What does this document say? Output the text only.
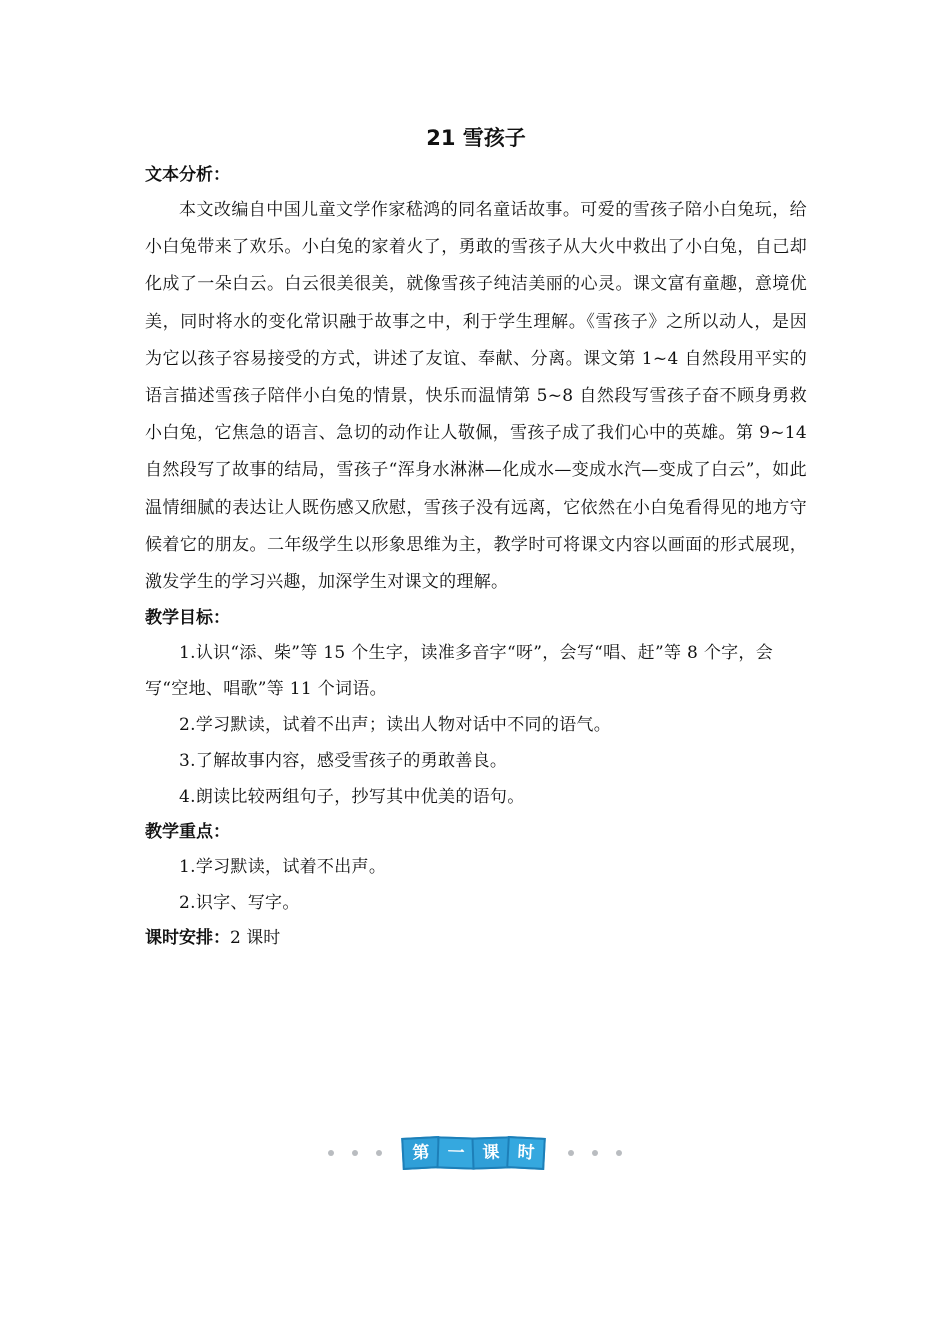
21 雪孩子
文本分析：

本文改编自中国儿童文学作家嵇鸿的同名童话故事。可爱的雪孩子陪小白兔玩，给小白兔带来了欢乐。小白兔的家着火了，勇敢的雪孩子从大火中救出了小白兔，自己却化成了一朵白云。白云很美很美，就像雪孩子纯洁美丽的心灵。课文富有童趣，意境优美，同时将水的变化常识融于故事之中，利于学生理解。《雪孩子》之所以动人，是因为它以孩子容易接受的方式，讲述了友谊、奉献、分离。课文第 1~4 自然段用平实的语言描述雪孩子陪伴小白兔的情景，快乐而温情第 5~8 自然段写雪孩子奋不顾身勇救小白兔，它焦急的语言、急切的动作让人敬佩，雪孩子成了我们心中的英雄。第 9~14 自然段写了故事的结局，雪孩子“浑身水淋淋—化成水—变成水汽—变成了白云”，如此温情细腻的表达让人既伤感又欣慰，雪孩子没有远离，它依然在小白兔看得见的地方守候着它的朋友。二年级学生以形象思维为主，教学时可将课文内容以画面的形式展现，激发学生的学习兴趣，加深学生对课文的理解。

教学目标：

1.认识“添、柴”等 15 个生字，读准多音字“呀”，会写“唱、赶”等 8 个字，会写“空地、唱歌”等 11 个词语。

2.学习默读，试着不出声；读出人物对话中不同的语气。

3.了解故事内容，感受雪孩子的勇敢善良。

4.朗读比较两组句子，抄写其中优美的语句。

教学重点：

1.学习默读，试着不出声。

2.识字、写字。

课时安排：2 课时
第	一	课	时
